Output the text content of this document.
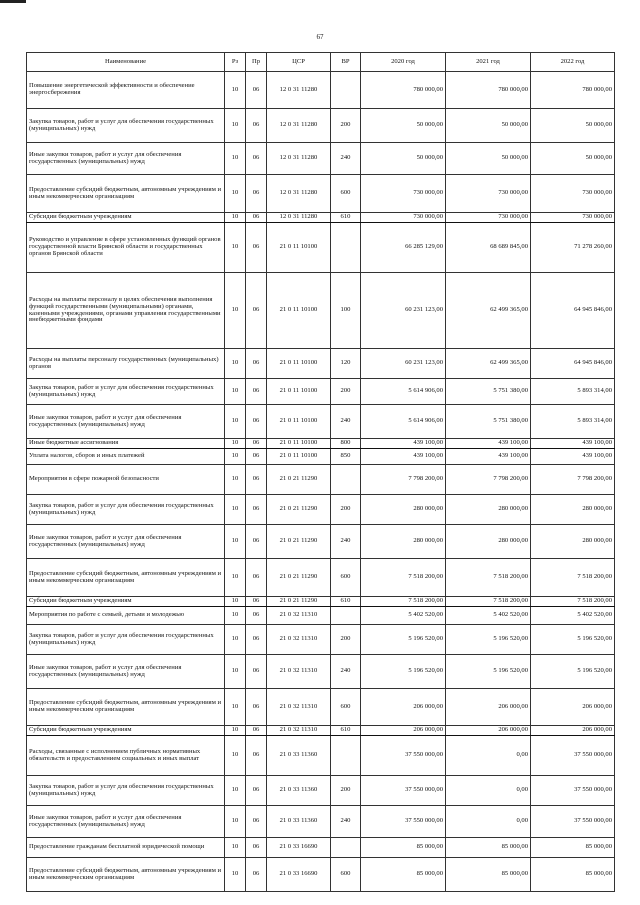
67
Наименование	Рз	Пр	ЦСР	ВР	2020 год	2021 год	2022 год
Повышение энергетической эффективности и обеспечение энергосбережения	10	06	12 0 31 11280		780 000,00	780 000,00	780 000,00
Закупка товаров, работ и услуг для обеспечения государственных (муниципальных) нужд	10	06	12 0 31 11280	200	50 000,00	50 000,00	50 000,00
Иные закупки товаров, работ и услуг для обеспечения государственных (муниципальных) нужд	10	06	12 0 31 11280	240	50 000,00	50 000,00	50 000,00
Предоставление субсидий бюджетным, автономным учреждениям и иным некоммерческим организациям	10	06	12 0 31 11280	600	730 000,00	730 000,00	730 000,00
Субсидии бюджетным учреждениям	10	06	12 0 31 11280	610	730 000,00	730 000,00	730 000,00
Руководство и управление в сфере установленных функций органов государственной власти Брянской области и государственных органов Брянской области	10	06	21 0 11 10100		66 285 129,00	68 689 845,00	71 278 260,00
Расходы на выплаты персоналу в целях обеспечения выполнения функций государственными (муниципальными) органами, казенными учреждениями, органами управления государственными внебюджетными фондами	10	06	21 0 11 10100	100	60 231 123,00	62 499 365,00	64 945 846,00
Расходы на выплаты персоналу государственных (муниципальных) органов	10	06	21 0 11 10100	120	60 231 123,00	62 499 365,00	64 945 846,00
Закупка товаров, работ и услуг для обеспечения государственных (муниципальных) нужд	10	06	21 0 11 10100	200	5 614 906,00	5 751 380,00	5 893 314,00
Иные закупки товаров, работ и услуг для обеспечения государственных (муниципальных) нужд	10	06	21 0 11 10100	240	5 614 906,00	5 751 380,00	5 893 314,00
Иные бюджетные ассигнования	10	06	21 0 11 10100	800	439 100,00	439 100,00	439 100,00
Уплата налогов, сборов и иных платежей	10	06	21 0 11 10100	850	439 100,00	439 100,00	439 100,00
Мероприятия в сфере пожарной безопасности	10	06	21 0 21 11290		7 798 200,00	7 798 200,00	7 798 200,00
Закупка товаров, работ и услуг для обеспечения государственных (муниципальных) нужд	10	06	21 0 21 11290	200	280 000,00	280 000,00	280 000,00
Иные закупки товаров, работ и услуг для обеспечения государственных (муниципальных) нужд	10	06	21 0 21 11290	240	280 000,00	280 000,00	280 000,00
Предоставление субсидий бюджетным, автономным учреждениям и иным некоммерческим организациям	10	06	21 0 21 11290	600	7 518 200,00	7 518 200,00	7 518 200,00
Субсидии бюджетным учреждениям	10	06	21 0 21 11290	610	7 518 200,00	7 518 200,00	7 518 200,00
Мероприятия по работе с семьей, детьми и молодежью	10	06	21 0 32 11310		5 402 520,00	5 402 520,00	5 402 520,00
Закупка товаров, работ и услуг для обеспечения государственных (муниципальных) нужд	10	06	21 0 32 11310	200	5 196 520,00	5 196 520,00	5 196 520,00
Иные закупки товаров, работ и услуг для обеспечения государственных (муниципальных) нужд	10	06	21 0 32 11310	240	5 196 520,00	5 196 520,00	5 196 520,00
Предоставление субсидий бюджетным, автономным учреждениям и иным некоммерческим организациям	10	06	21 0 32 11310	600	206 000,00	206 000,00	206 000,00
Субсидии бюджетным учреждениям	10	06	21 0 32 11310	610	206 000,00	206 000,00	206 000,00
Расходы, связанные с исполнением публичных нормативных обязательств и предоставлением социальных и иных выплат	10	06	21 0 33 11360		37 550 000,00	0,00	37 550 000,00
Закупка товаров, работ и услуг для обеспечения государственных (муниципальных) нужд	10	06	21 0 33 11360	200	37 550 000,00	0,00	37 550 000,00
Иные закупки товаров, работ и услуг для обеспечения государственных (муниципальных) нужд	10	06	21 0 33 11360	240	37 550 000,00	0,00	37 550 000,00
Предоставление гражданам бесплатной юридической помощи	10	06	21 0 33 16690		85 000,00	85 000,00	85 000,00
Предоставление субсидий бюджетным, автономным учреждениям и иным некоммерческим организациям	10	06	21 0 33 16690	600	85 000,00	85 000,00	85 000,00
